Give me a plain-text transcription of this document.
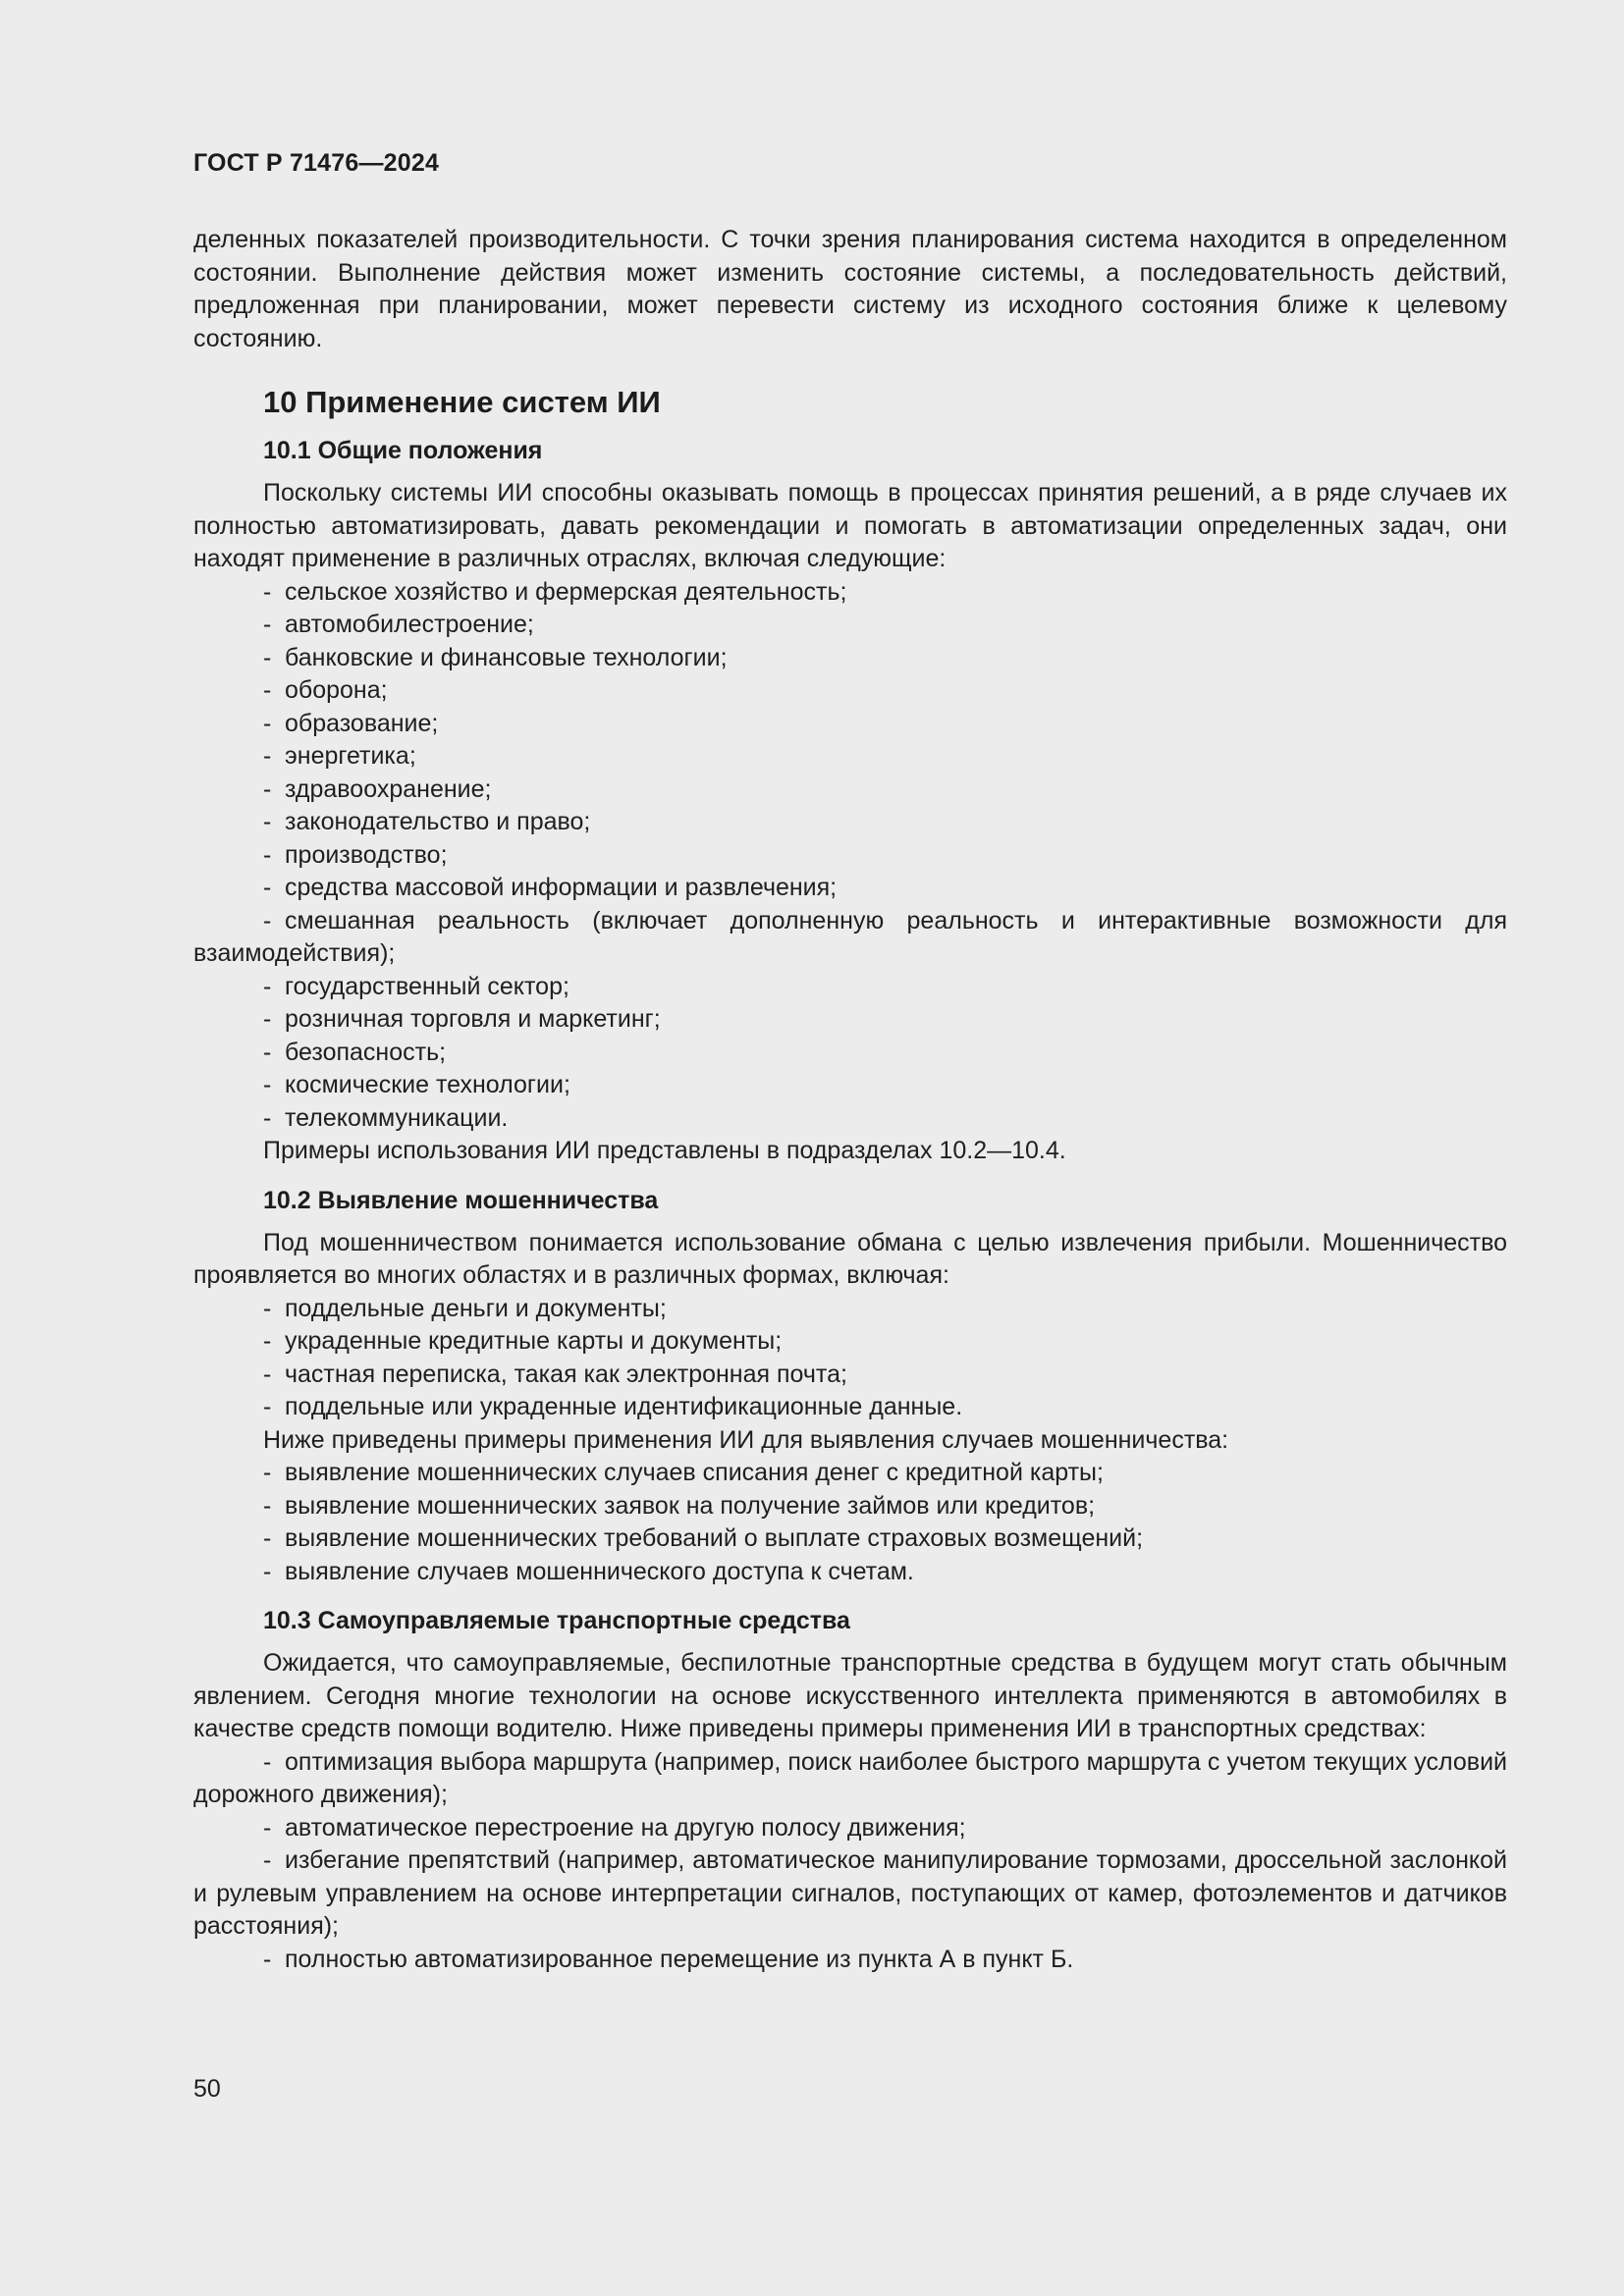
ГОСТ Р 71476—2024

деленных показателей производительности. С точки зрения планирования система находится в определенном состоянии. Выполнение действия может изменить состояние системы, а последовательность действий, предложенная при планировании, может перевести систему из исходного состояния ближе к целевому состоянию.

10 Применение систем ИИ
10.1 Общие положения

Поскольку системы ИИ способны оказывать помощь в процессах принятия решений, а в ряде случаев их полностью автоматизировать, давать рекомендации и помогать в автоматизации определенных задач, они находят применение в различных отраслях, включая следующие:

- сельское хозяйство и фермерская деятельность;

- автомобилестроение;

- банковские и финансовые технологии;

- оборона;

- образование;

- энергетика;

- здравоохранение;

- законодательство и право;

- производство;

- средства массовой информации и развлечения;

- смешанная реальность (включает дополненную реальность и интерактивные возможности для взаимодействия);

- государственный сектор;

- розничная торговля и маркетинг;

- безопасность;

- космические технологии;

- телекоммуникации.

Примеры использования ИИ представлены в подразделах 10.2—10.4.

10.2 Выявление мошенничества

Под мошенничеством понимается использование обмана с целью извлечения прибыли. Мошенничество проявляется во многих областях и в различных формах, включая:

- поддельные деньги и документы;

- украденные кредитные карты и документы;

- частная переписка, такая как электронная почта;

- поддельные или украденные идентификационные данные.

Ниже приведены примеры применения ИИ для выявления случаев мошенничества:

- выявление мошеннических случаев списания денег с кредитной карты;

- выявление мошеннических заявок на получение займов или кредитов;

- выявление мошеннических требований о выплате страховых возмещений;

- выявление случаев мошеннического доступа к счетам.

10.3 Самоуправляемые транспортные средства

Ожидается, что самоуправляемые, беспилотные транспортные средства в будущем могут стать обычным явлением. Сегодня многие технологии на основе искусственного интеллекта применяются в автомобилях в качестве средств помощи водителю. Ниже приведены примеры применения ИИ в транспортных средствах:

- оптимизация выбора маршрута (например, поиск наиболее быстрого маршрута с учетом текущих условий дорожного движения);

- автоматическое перестроение на другую полосу движения;

- избегание препятствий (например, автоматическое манипулирование тормозами, дроссельной заслонкой и рулевым управлением на основе интерпретации сигналов, поступающих от камер, фотоэлементов и датчиков расстояния);

- полностью автоматизированное перемещение из пункта А в пункт Б.

50
